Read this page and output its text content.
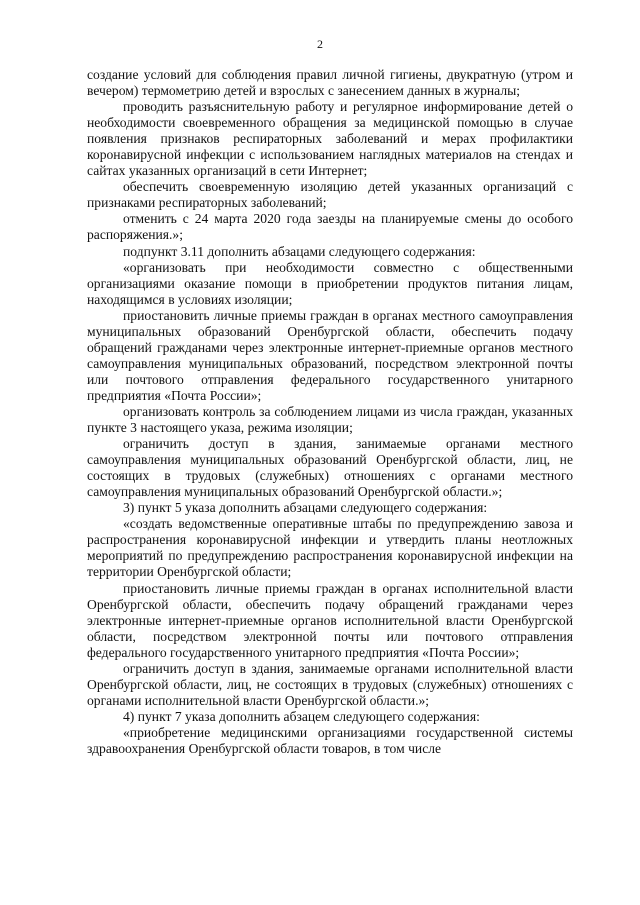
2

создание условий для соблюдения правил личной гигиены, двукратную (утром и вечером) термометрию детей и взрослых с занесением данных в журналы;

проводить разъяснительную работу и регулярное информирование детей о необходимости своевременного обращения за медицинской помощью в случае появления признаков респираторных заболеваний и мерах профилактики коронавирусной инфекции с использованием наглядных материалов на стендах и сайтах указанных организаций в сети Интернет;

обеспечить своевременную изоляцию детей указанных организаций с признаками респираторных заболеваний;

отменить с 24 марта 2020 года заезды на планируемые смены до особого распоряжения.»;

подпункт 3.11 дополнить абзацами следующего содержания:

«организовать при необходимости совместно с общественными организациями оказание помощи в приобретении продуктов питания лицам, находящимся в условиях изоляции;

приостановить личные приемы граждан в органах местного самоуправления муниципальных образований Оренбургской области, обеспечить подачу обращений гражданами через электронные интернет-приемные органов местного самоуправления муниципальных образований, посредством электронной почты или почтового отправления федерального государственного унитарного предприятия «Почта России»;

организовать контроль за соблюдением лицами из числа граждан, указанных пункте 3 настоящего указа, режима изоляции;

ограничить доступ в здания, занимаемые органами местного самоуправления муниципальных образований Оренбургской области, лиц, не состоящих в трудовых (служебных) отношениях с органами местного самоуправления муниципальных образований Оренбургской области.»;

3) пункт 5 указа дополнить абзацами следующего содержания:

«создать ведомственные оперативные штабы по предупреждению завоза и распространения коронавирусной инфекции и утвердить планы неотложных мероприятий по предупреждению распространения коронавирусной инфекции на территории Оренбургской области;

приостановить личные приемы граждан в органах исполнительной власти Оренбургской области, обеспечить подачу обращений гражданами через электронные интернет-приемные органов исполнительной власти Оренбургской области, посредством электронной почты или почтового отправления федерального государственного унитарного предприятия «Почта России»;

ограничить доступ в здания, занимаемые органами исполнительной власти Оренбургской области, лиц, не состоящих в трудовых (служебных) отношениях с органами исполнительной власти Оренбургской области.»;

4) пункт 7 указа дополнить абзацем следующего содержания:

«приобретение медицинскими организациями государственной системы здравоохранения Оренбургской области товаров, в том числе
